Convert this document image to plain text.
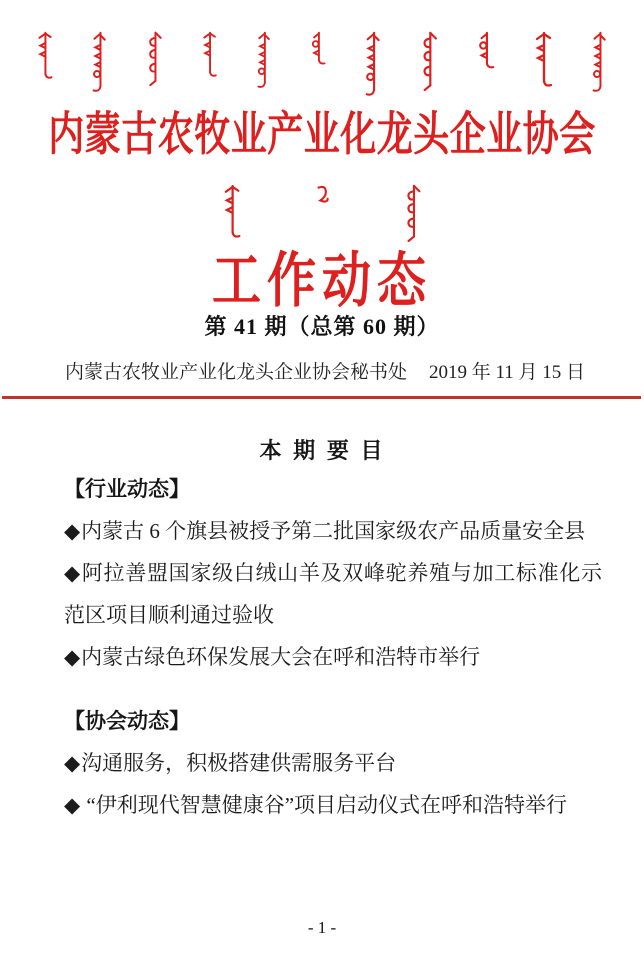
内蒙古农牧业产业化龙头企业协会
工作动态
第 41 期（总第 60 期）
内蒙古农牧业产业化龙头企业协会秘书处 2019 年 11 月 15 日
本 期 要 目
【行业动态】

◆内蒙古 6 个旗县被授予第二批国家级农产品质量安全县

◆阿拉善盟国家级白绒山羊及双峰驼养殖与加工标准化示范区项目顺利通过验收

◆内蒙古绿色环保发展大会在呼和浩特市举行

【协会动态】

◆沟通服务，积极搭建供需服务平台

◆ “伊利现代智慧健康谷”项目启动仪式在呼和浩特举行

- 1 -
